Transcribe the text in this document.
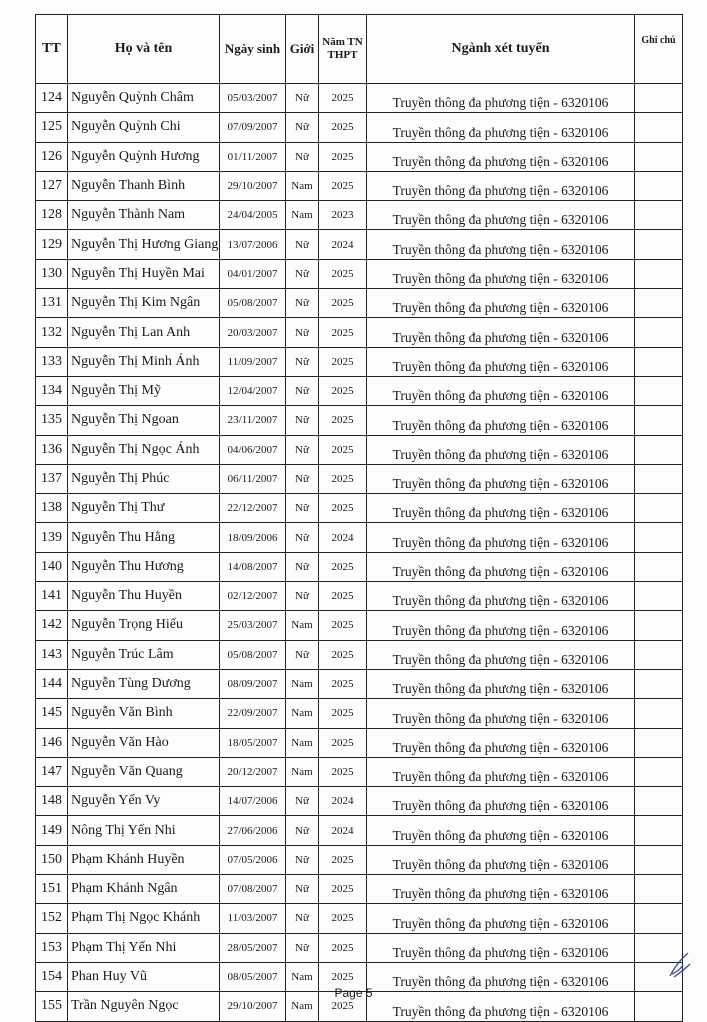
TT	Họ và tên	Ngày sinh	Giới	Năm TN THPT	Ngành xét tuyển	Ghi chú
124	Nguyễn Quỳnh Châm	05/03/2007	Nữ	2025	Truyền thông đa phương tiện - 6320106	
125	Nguyễn Quỳnh Chi	07/09/2007	Nữ	2025	Truyền thông đa phương tiện - 6320106	
126	Nguyễn Quỳnh Hương	01/11/2007	Nữ	2025	Truyền thông đa phương tiện - 6320106	
127	Nguyễn Thanh Bình	29/10/2007	Nam	2025	Truyền thông đa phương tiện - 6320106	
128	Nguyễn Thành Nam	24/04/2005	Nam	2023	Truyền thông đa phương tiện - 6320106	
129	Nguyễn Thị Hương Giang	13/07/2006	Nữ	2024	Truyền thông đa phương tiện - 6320106	
130	Nguyễn Thị Huyền Mai	04/01/2007	Nữ	2025	Truyền thông đa phương tiện - 6320106	
131	Nguyễn Thị Kim Ngân	05/08/2007	Nữ	2025	Truyền thông đa phương tiện - 6320106	
132	Nguyễn Thị Lan Anh	20/03/2007	Nữ	2025	Truyền thông đa phương tiện - 6320106	
133	Nguyễn Thị Minh Ánh	11/09/2007	Nữ	2025	Truyền thông đa phương tiện - 6320106	
134	Nguyễn Thị Mỹ	12/04/2007	Nữ	2025	Truyền thông đa phương tiện - 6320106	
135	Nguyễn Thị Ngoan	23/11/2007	Nữ	2025	Truyền thông đa phương tiện - 6320106	
136	Nguyễn Thị Ngọc Ánh	04/06/2007	Nữ	2025	Truyền thông đa phương tiện - 6320106	
137	Nguyễn Thị Phúc	06/11/2007	Nữ	2025	Truyền thông đa phương tiện - 6320106	
138	Nguyễn Thị Thư	22/12/2007	Nữ	2025	Truyền thông đa phương tiện - 6320106	
139	Nguyễn Thu Hằng	18/09/2006	Nữ	2024	Truyền thông đa phương tiện - 6320106	
140	Nguyễn Thu Hương	14/08/2007	Nữ	2025	Truyền thông đa phương tiện - 6320106	
141	Nguyễn Thu Huyền	02/12/2007	Nữ	2025	Truyền thông đa phương tiện - 6320106	
142	Nguyễn Trọng Hiếu	25/03/2007	Nam	2025	Truyền thông đa phương tiện - 6320106	
143	Nguyễn Trúc Lâm	05/08/2007	Nữ	2025	Truyền thông đa phương tiện - 6320106	
144	Nguyễn Tùng Dương	08/09/2007	Nam	2025	Truyền thông đa phương tiện - 6320106	
145	Nguyễn Văn Bình	22/09/2007	Nam	2025	Truyền thông đa phương tiện - 6320106	
146	Nguyễn Văn Hào	18/05/2007	Nam	2025	Truyền thông đa phương tiện - 6320106	
147	Nguyễn Văn Quang	20/12/2007	Nam	2025	Truyền thông đa phương tiện - 6320106	
148	Nguyễn Yến Vy	14/07/2006	Nữ	2024	Truyền thông đa phương tiện - 6320106	
149	Nông Thị Yến Nhi	27/06/2006	Nữ	2024	Truyền thông đa phương tiện - 6320106	
150	Phạm Khánh Huyền	07/05/2006	Nữ	2025	Truyền thông đa phương tiện - 6320106	
151	Phạm Khánh Ngân	07/08/2007	Nữ	2025	Truyền thông đa phương tiện - 6320106	
152	Phạm Thị Ngọc Khánh	11/03/2007	Nữ	2025	Truyền thông đa phương tiện - 6320106	
153	Phạm Thị Yến Nhi	28/05/2007	Nữ	2025	Truyền thông đa phương tiện - 6320106	
154	Phan Huy Vũ	08/05/2007	Nam	2025	Truyền thông đa phương tiện - 6320106	
155	Trần Nguyên Ngọc	29/10/2007	Nam	2025	Truyền thông đa phương tiện - 6320106	
Page 5
